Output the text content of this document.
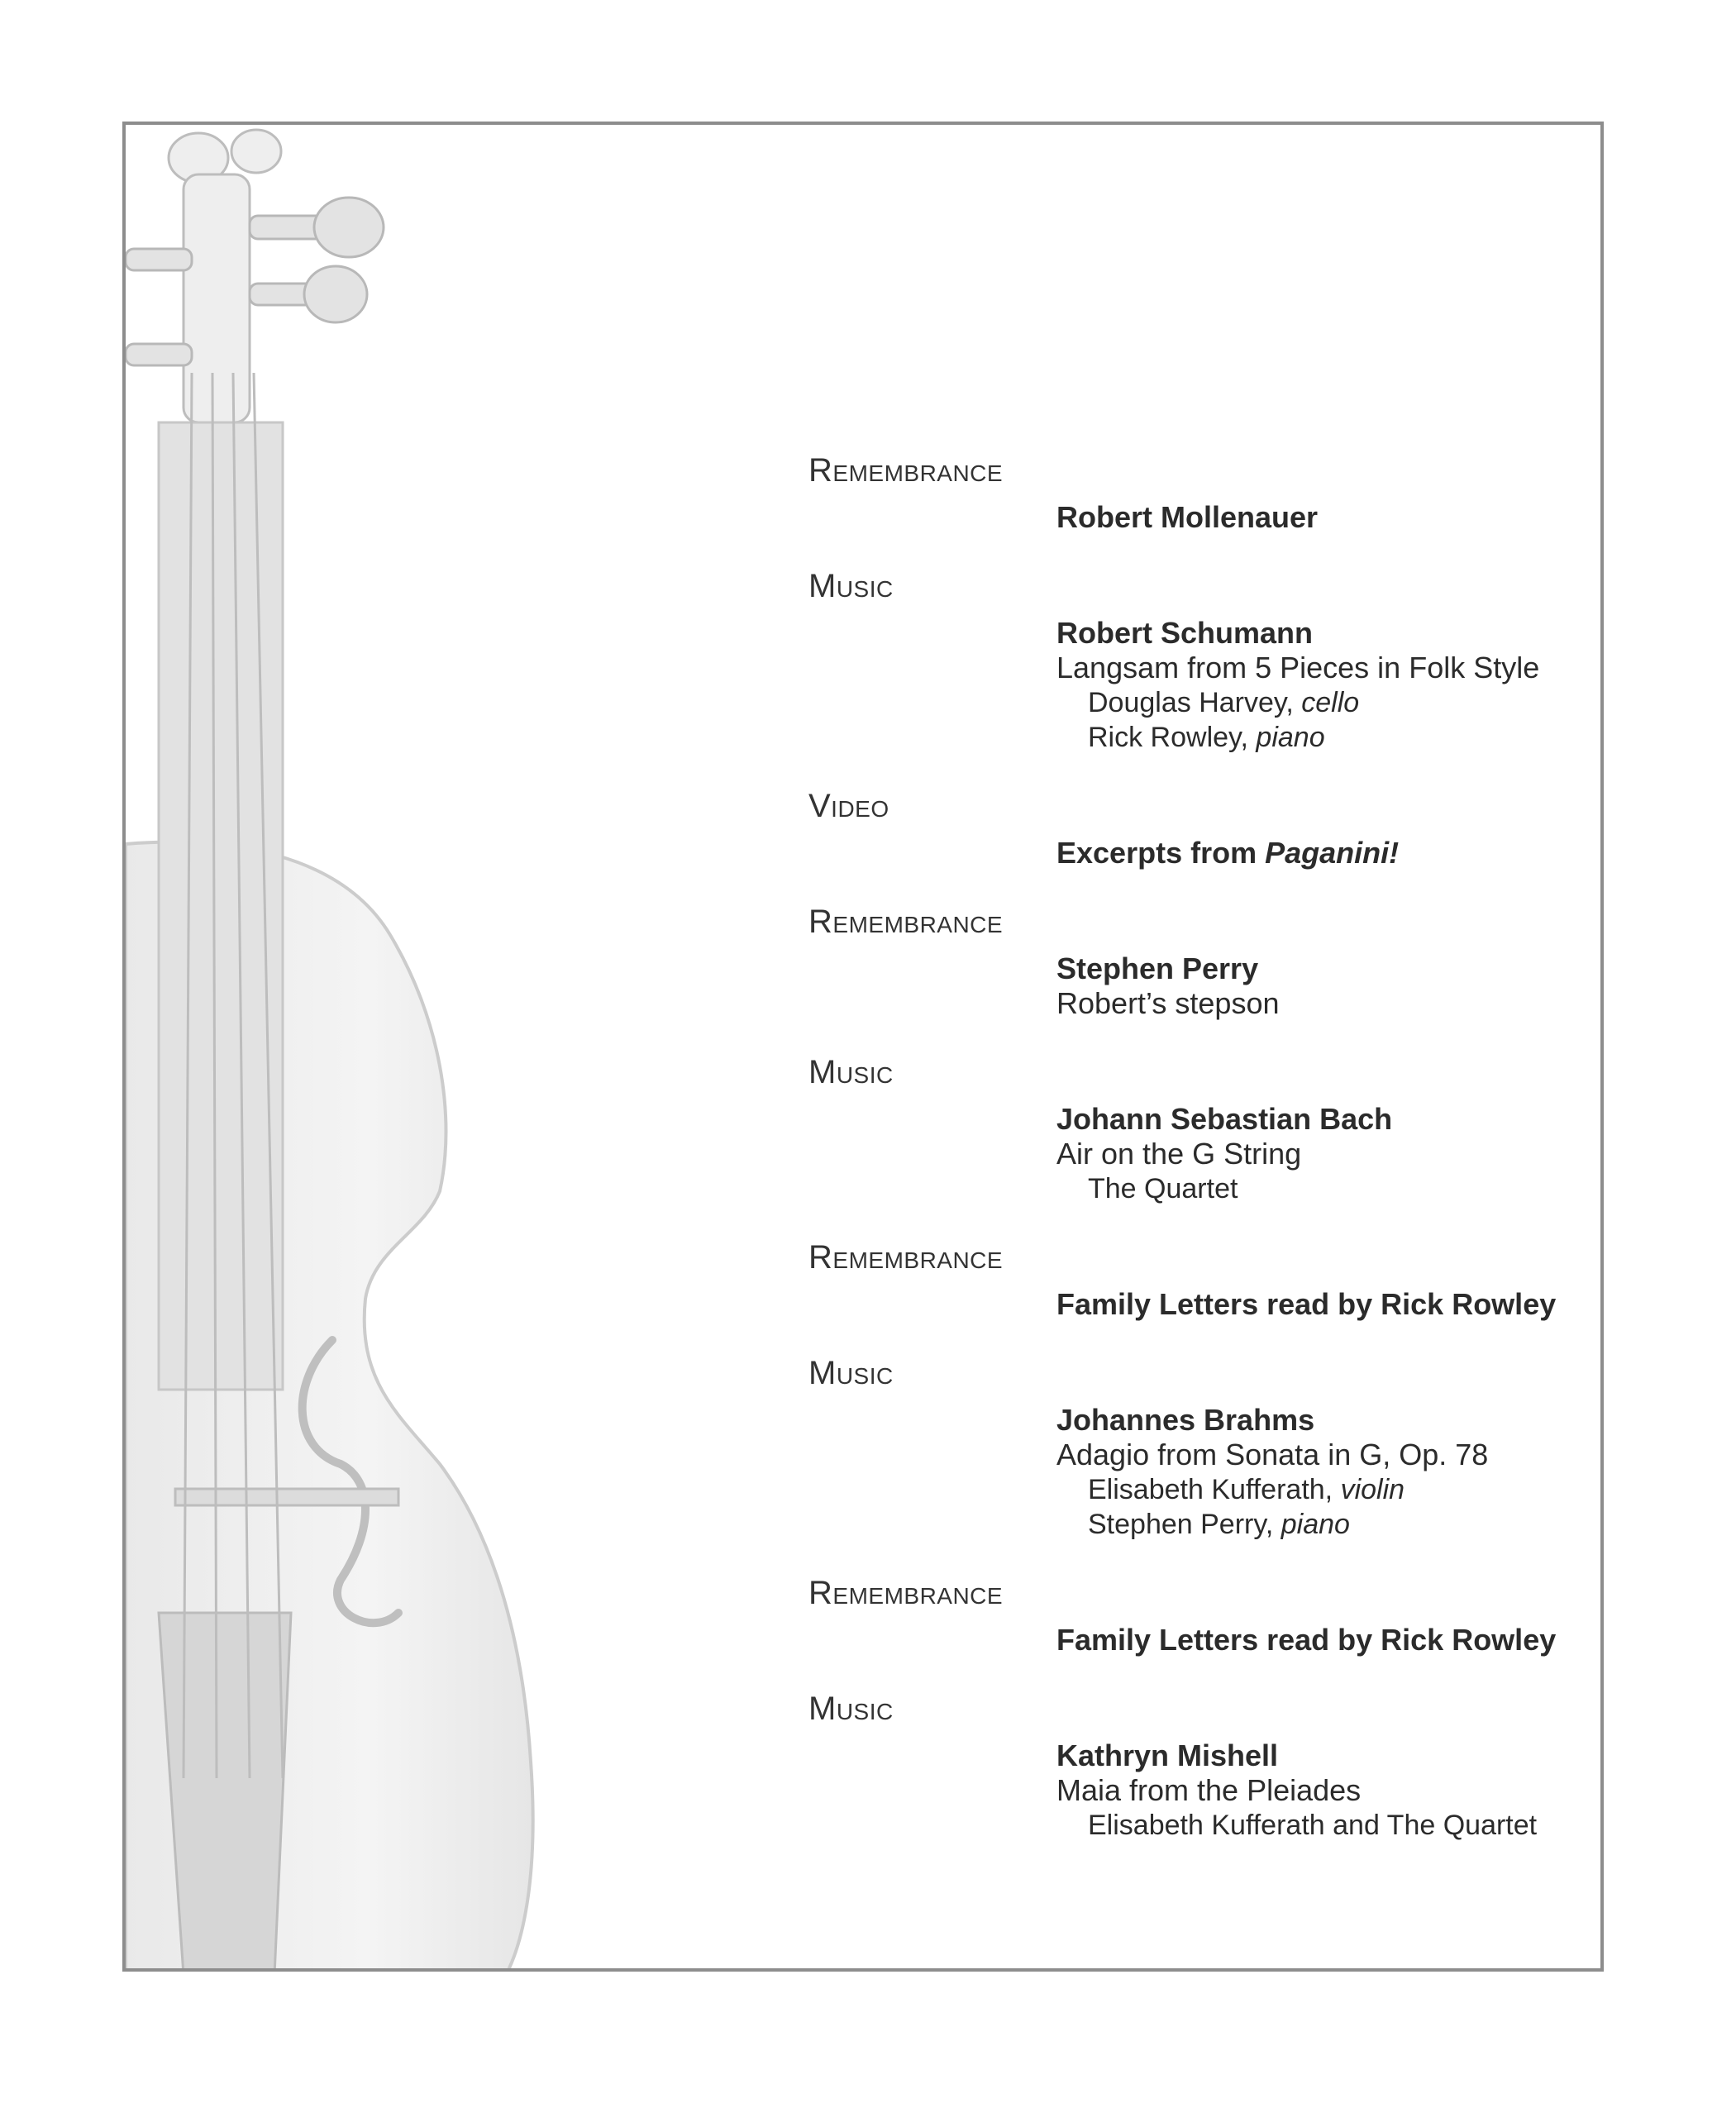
Remembrance
Robert Mollenauer
Music
Robert Schumann
Langsam from 5 Pieces in Folk Style
Douglas Harvey, cello
Rick Rowley, piano
Video
Excerpts from Paganini!
Remembrance
Stephen Perry
Robert’s stepson
Music
Johann Sebastian Bach
Air on the G String
The Quartet
Remembrance
Family Letters read by Rick Rowley
Music
Johannes Brahms
Adagio from Sonata in G, Op. 78
Elisabeth Kufferath, violin
Stephen Perry, piano
Remembrance
Family Letters read by Rick Rowley
Music
Kathryn Mishell
Maia from the Pleiades
Elisabeth Kufferath and The Quartet
